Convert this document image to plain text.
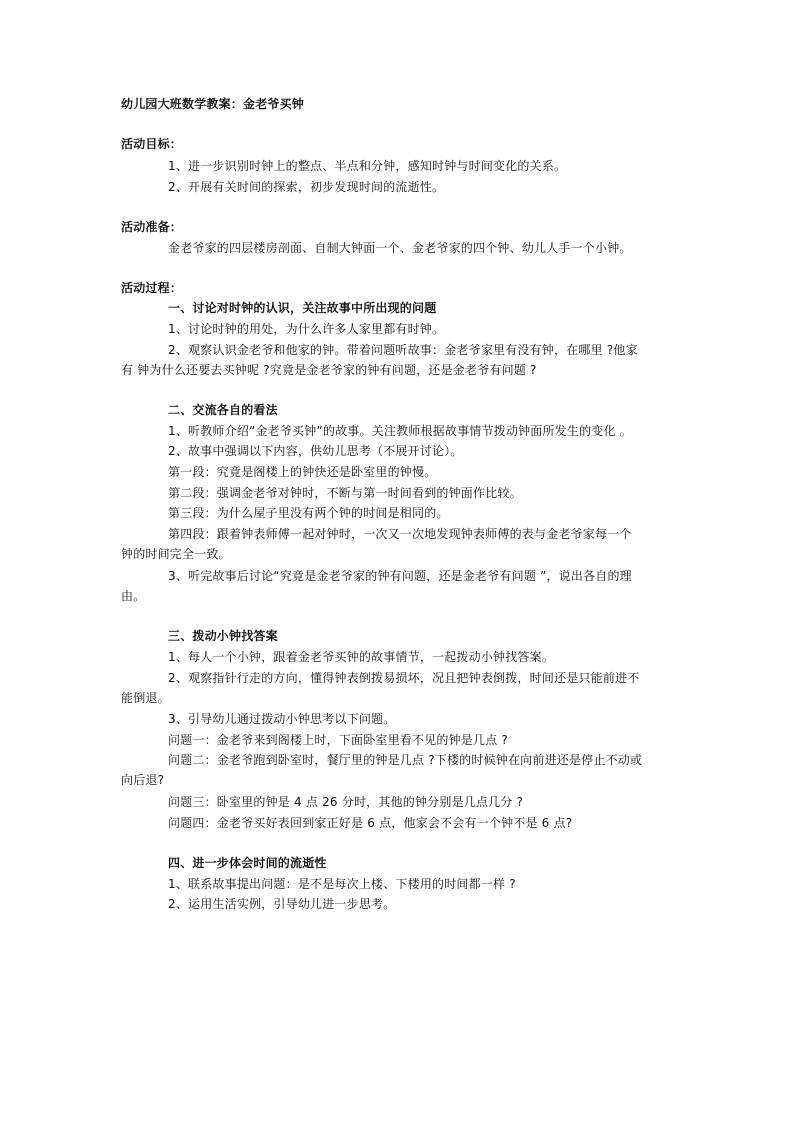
幼儿园大班数学教案：金老爷买钟
活动目标：
1、进一步识别时钟上的整点、半点和分钟，感知时钟与时间变化的关系。
2、开展有关时间的探索，初步发现时间的流逝性。
活动准备：
金老爷家的四层楼房剖面、自制大钟面一个、金老爷家的四个钟、幼儿人手一个小钟。
活动过程：
一、讨论对时钟的认识，关注故事中所出现的问题
1、讨论时钟的用处，为什么许多人家里都有时钟。
2、观察认识金老爷和他家的钟。带着问题听故事：金老爷家里有没有钟，在哪里 ?他家
有 钟为什么还要去买钟呢 ?究竟是金老爷家的钟有问题，还是金老爷有问题 ?
二、交流各自的看法
1、听教师介绍“金老爷买钟”的故事。关注教师根据故事情节拨动钟面所发生的变化 。
2、故事中强调以下内容，供幼儿思考（不展开讨论）。
第一段：究竟是阁楼上的钟快还是卧室里的钟慢。
第二段：强调金老爷对钟时，不断与第一时间看到的钟面作比较。
第三段：为什么屋子里没有两个钟的时间是相同的。
第四段：跟着钟表师傅一起对钟时，一次又一次地发现钟表师傅的表与金老爷家每一个
钟的时间完全一致。
3、听完故事后讨论“究竟是金老爷家的钟有问题，还是金老爷有问题 ”，说出各自的理
由。
三、拨动小钟找答案
1、每人一个小钟，跟着金老爷买钟的故事情节，一起拨动小钟找答案。
2、观察指针行走的方向，懂得钟表倒拨易损坏，况且把钟表倒拨，时间还是只能前进不
能倒退。
3、引导幼儿通过拨动小钟思考以下问题。
问题一：金老爷来到阁楼上时，下面卧室里看不见的钟是几点 ?
问题二：金老爷跑到卧室时，餐厅里的钟是几点 ?下楼的时候钟在向前进还是停止不动或
向后退?
问题三：卧室里的钟是 4 点 26 分时，其他的钟分别是几点几分 ?
问题四：金老爷买好表回到家正好是 6 点，他家会不会有一个钟不是 6 点?
四、进一步体会时间的流逝性
1、联系故事提出问题：是不是每次上楼、下楼用的时间都一样 ?
2、运用生活实例，引导幼儿进一步思考。
